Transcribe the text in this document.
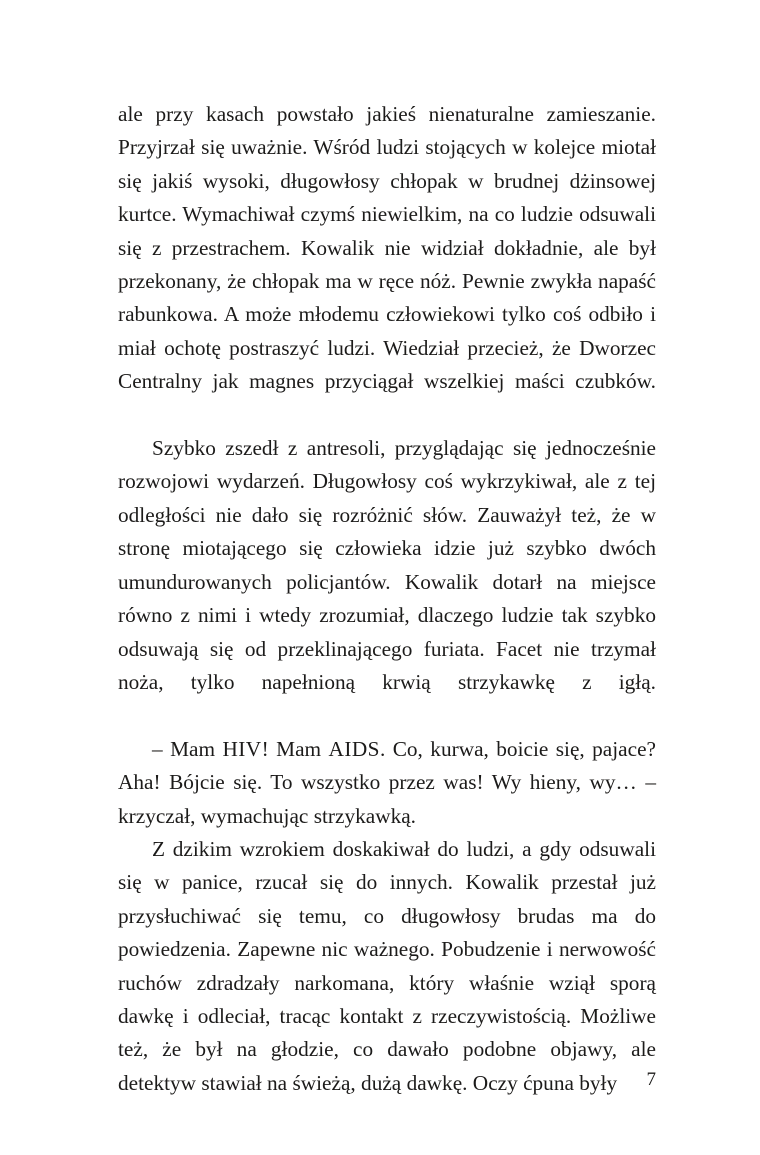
ale przy kasach powstało jakieś nienaturalne zamieszanie. Przyjrzał się uważnie. Wśród ludzi stojących w kolejce miotał się jakiś wysoki, długowłosy chłopak w brudnej dżinsowej kurtce. Wymachiwał czymś niewielkim, na co ludzie odsuwali się z przestrachem. Kowalik nie widział dokładnie, ale był przekonany, że chłopak ma w ręce nóż. Pewnie zwykła napaść rabunkowa. A może młodemu człowiekowi tylko coś odbiło i miał ochotę postraszyć ludzi. Wiedział przecież, że Dworzec Centralny jak magnes przyciągał wszelkiej maści czubków.

Szybko zszedł z antresoli, przyglądając się jednocześnie rozwojowi wydarzeń. Długowłosy coś wykrzykiwał, ale z tej odległości nie dało się rozróżnić słów. Zauważył też, że w stronę miotającego się człowieka idzie już szybko dwóch umundurowanych policjantów. Kowalik dotarł na miejsce równo z nimi i wtedy zrozumiał, dlaczego ludzie tak szybko odsuwają się od przeklinającego furiata. Facet nie trzymał noża, tylko napełnioną krwią strzykawkę z igłą.

– Mam HIV! Mam AIDS. Co, kurwa, boicie się, pajace? Aha! Bójcie się. To wszystko przez was! Wy hieny, wy… – krzyczał, wymachując strzykawką.

Z dzikim wzrokiem doskakiwał do ludzi, a gdy odsuwali się w panice, rzucał się do innych. Kowalik przestał już przysłuchiwać się temu, co długowłosy brudas ma do powiedzenia. Zapewne nic ważnego. Pobudzenie i nerwowość ruchów zdradzały narkomana, który właśnie wziął sporą dawkę i odleciał, tracąc kontakt z rzeczywistością. Możliwe też, że był na głodzie, co dawało podobne objawy, ale detektyw stawiał na świeżą, dużą dawkę. Oczy ćpuna były	7
